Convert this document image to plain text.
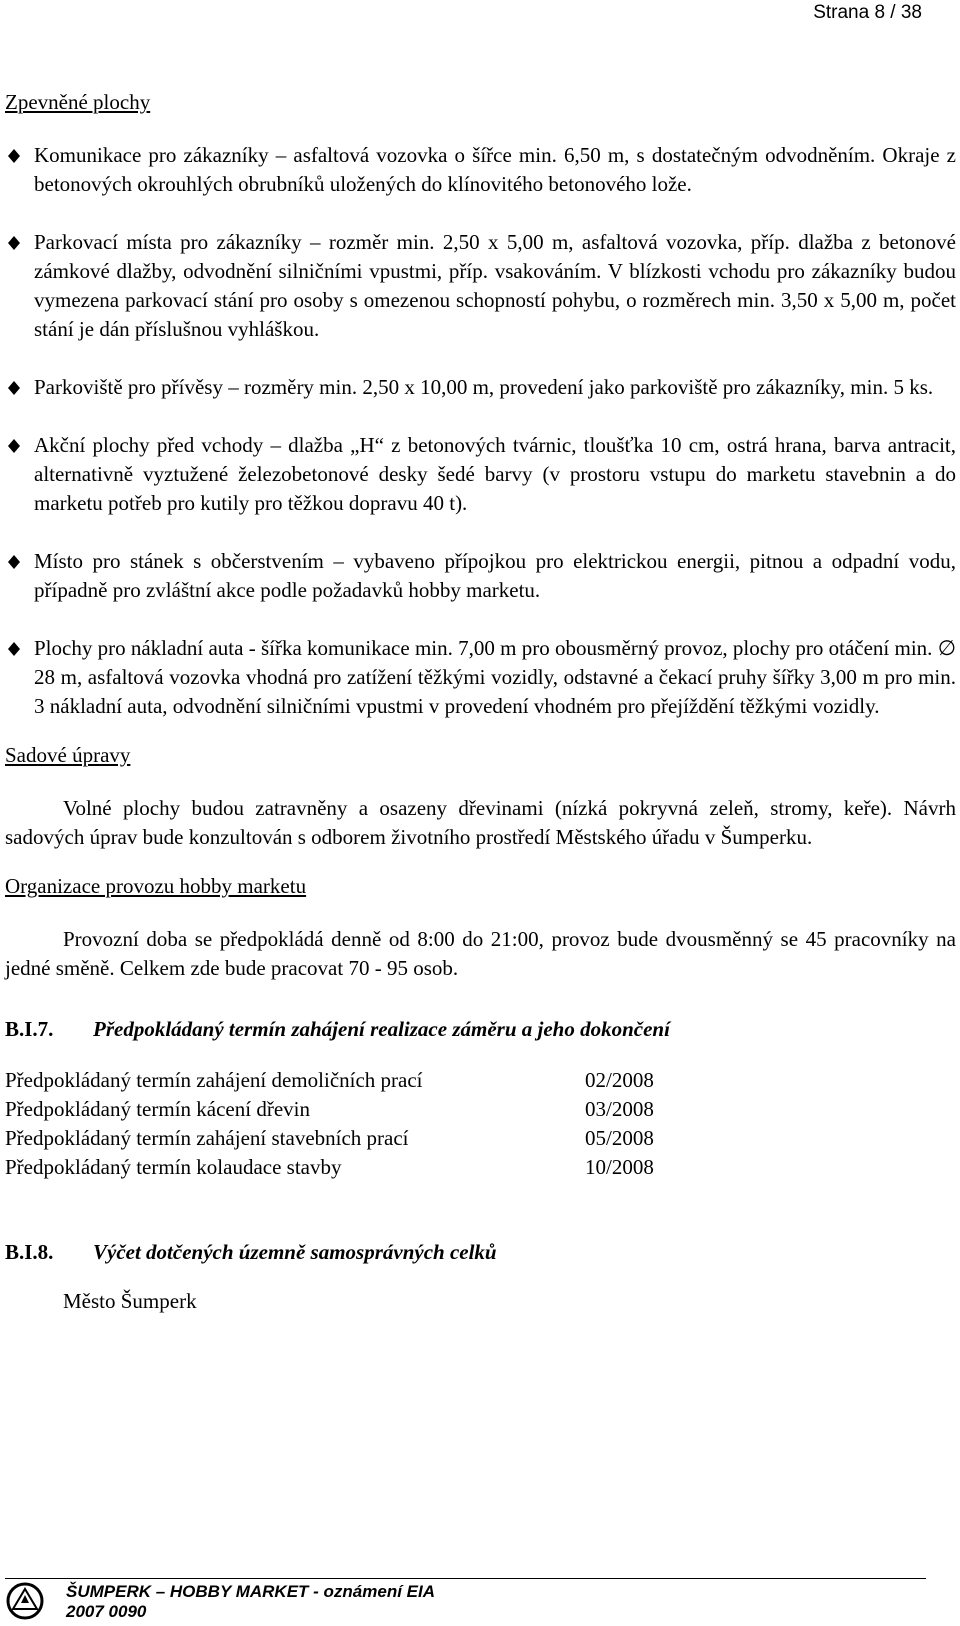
Strana 8 / 38

Zpevněné plochy

Komunikace pro zákazníky – asfaltová vozovka o šířce min. 6,50 m, s dostatečným odvodněním. Okraje z betonových okrouhlých obrubníků uložených do klínovitého betonového lože.
Parkovací místa pro zákazníky – rozměr min. 2,50 x 5,00 m, asfaltová vozovka, příp. dlažba z betonové zámkové dlažby, odvodnění silničními vpustmi, příp. vsakováním. V blízkosti vchodu pro zákazníky budou vymezena parkovací stání pro osoby s omezenou schopností pohybu, o rozměrech min. 3,50 x 5,00 m, počet stání je dán příslušnou vyhláškou.
Parkoviště pro přívěsy – rozměry min. 2,50 x 10,00 m, provedení jako parkoviště pro zákazníky, min. 5 ks.
Akční plochy před vchody – dlažba „H“ z betonových tvárnic, tloušťka 10 cm, ostrá hrana, barva antracit, alternativně vyztužené železobetonové desky šedé barvy (v prostoru vstupu do marketu stavebnin a do marketu potřeb pro kutily pro těžkou dopravu 40 t).
Místo pro stánek s občerstvením – vybaveno přípojkou pro elektrickou energii, pitnou a odpadní vodu, případně pro zvláštní akce podle požadavků hobby marketu.
Plochy pro nákladní auta - šířka komunikace min. 7,00 m pro obousměrný provoz, plochy pro otáčení min. ∅ 28 m, asfaltová vozovka vhodná pro zatížení těžkými vozidly, odstavné a čekací pruhy šířky 3,00 m pro min. 3 nákladní auta, odvodnění silničními vpustmi v provedení vhodném pro přejíždění těžkými vozidly.

Sadové úpravy

Volné plochy budou zatravněny a osazeny dřevinami (nízká pokryvná zeleň, stromy, keře). Návrh sadových úprav bude konzultován s odborem životního prostředí Městského úřadu v Šumperku.

Organizace provozu hobby marketu

Provozní doba se předpokládá denně od 8:00 do 21:00, provoz bude dvousměnný se 45 pracovníky na jedné směně. Celkem zde bude pracovat 70 - 95 osob.

B.I.7.	Předpokládaný termín zahájení realizace záměru a jeho dokončení
Předpokládaný termín zahájení demoličních prací	02/2008
Předpokládaný termín kácení dřevin	03/2008
Předpokládaný termín zahájení stavebních prací	05/2008
Předpokládaný termín kolaudace stavby	10/2008
B.I.8.	Výčet dotčených územně samosprávných celků

Město Šumperk

ŠUMPERK – HOBBY MARKET - oznámení EIA
2007 0090
